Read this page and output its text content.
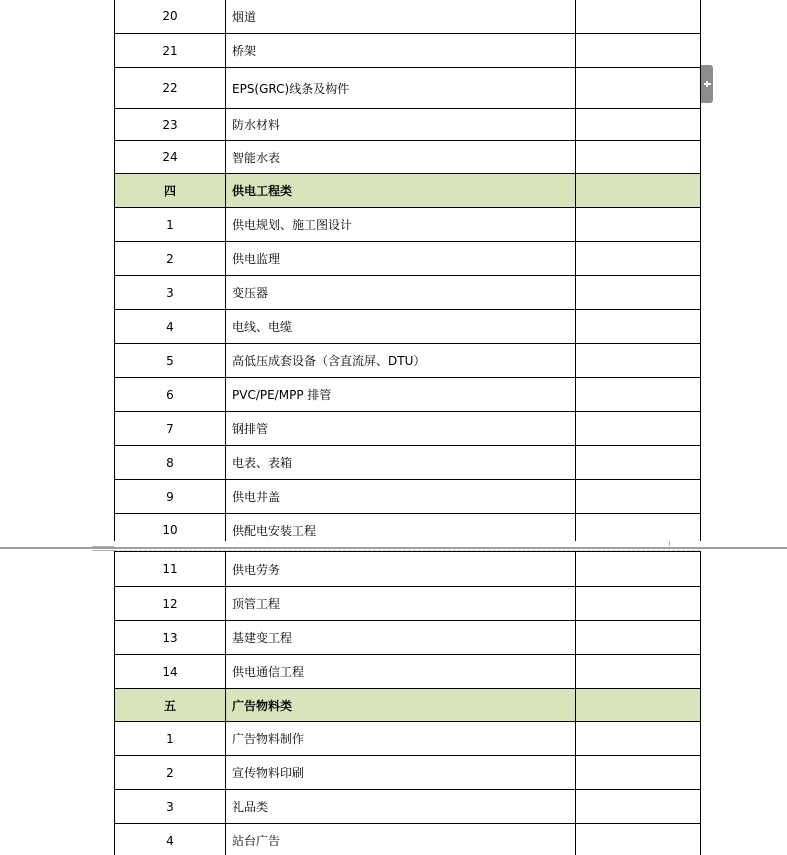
20	烟道	
21	桥架	
22	EPS(GRC)线条及构件	
23	防水材料	
24	智能水表	
四	供电工程类	
1	供电规划、施工图设计	
2	供电监理	
3	变压器	
4	电线、电缆	
5	高低压成套设备（含直流屏、DTU）	
6	PVC/PE/MPP 排管	
7	钢排管	
8	电表、表箱	
9	供电井盖	
10	供配电安装工程	
11	供电劳务	
12	顶管工程	
13	基建变工程	
14	供电通信工程	
五	广告物料类	
1	广告物料制作	
2	宣传物料印刷	
3	礼品类	
4	站台广告	
